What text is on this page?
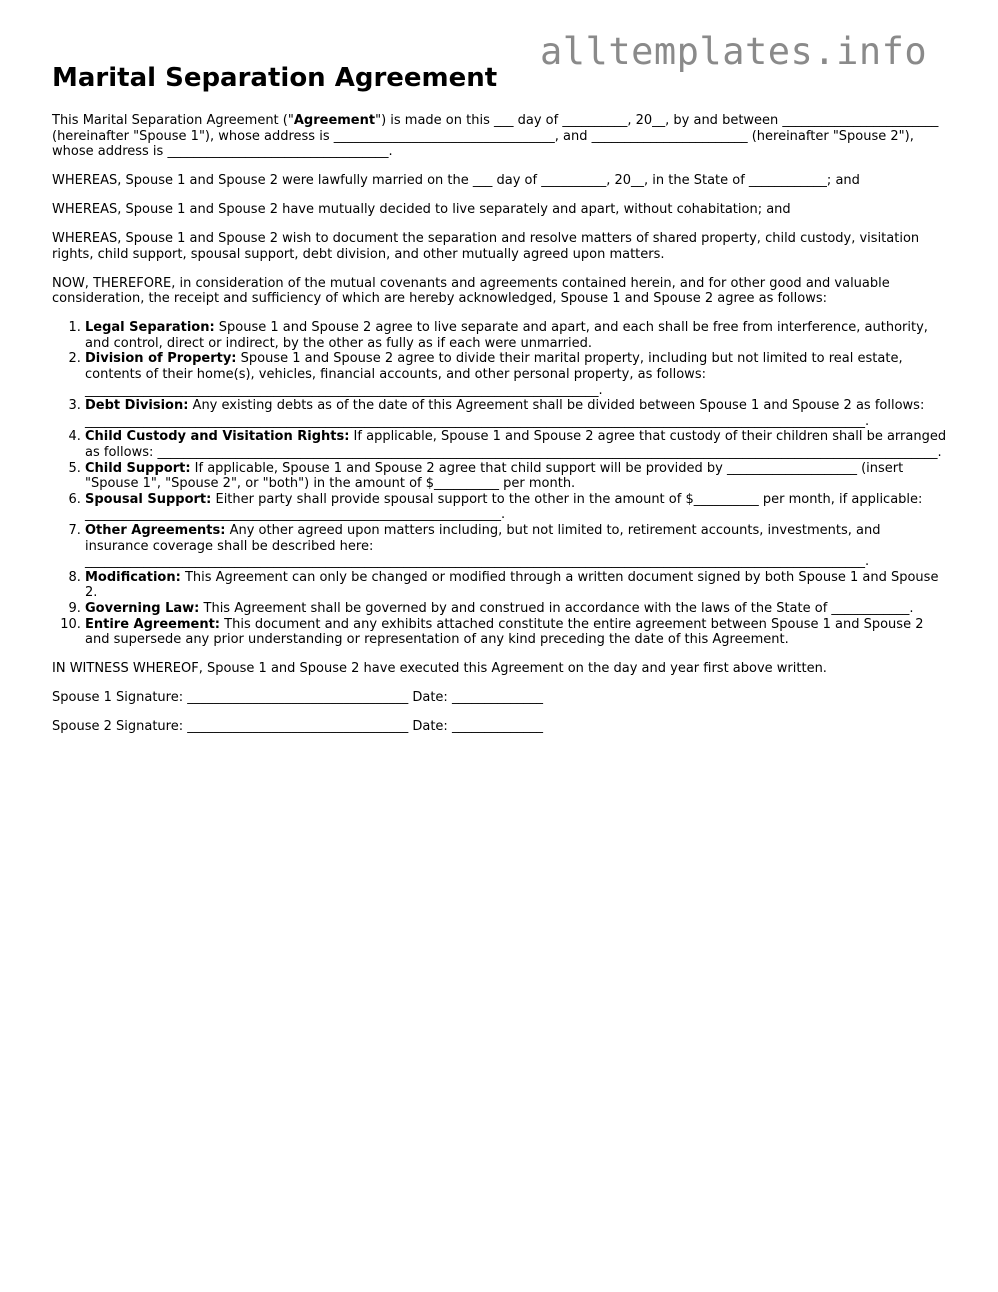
alltemplates.info
Marital Separation Agreement

This Marital Separation Agreement ("Agreement") is made on this ___ day of __________, 20__, by and between ________________________ (hereinafter "Spouse 1"), whose address is __________________________________, and ________________________ (hereinafter "Spouse 2"), whose address is __________________________________.

WHEREAS, Spouse 1 and Spouse 2 were lawfully married on the ___ day of __________, 20__, in the State of ____________; and

WHEREAS, Spouse 1 and Spouse 2 have mutually decided to live separately and apart, without cohabitation; and

WHEREAS, Spouse 1 and Spouse 2 wish to document the separation and resolve matters of shared property, child custody, visitation rights, child support, spousal support, debt division, and other mutually agreed upon matters.

NOW, THEREFORE, in consideration of the mutual covenants and agreements contained herein, and for other good and valuable consideration, the receipt and sufficiency of which are hereby acknowledged, Spouse 1 and Spouse 2 agree as follows:

1. Legal Separation: Spouse 1 and Spouse 2 agree to live separate and apart, and each shall be free from interference, authority, and control, direct or indirect, by the other as fully as if each were unmarried.
2. Division of Property: Spouse 1 and Spouse 2 agree to divide their marital property, including but not limited to real estate, contents of their home(s), vehicles, financial accounts, and other personal property, as follows: _______________________________________________________________________________.
3. Debt Division: Any existing debts as of the date of this Agreement shall be divided between Spouse 1 and Spouse 2 as follows: ________________________________________________________________________________________________________________________.
4. Child Custody and Visitation Rights: If applicable, Spouse 1 and Spouse 2 agree that custody of their children shall be arranged as follows: ________________________________________________________________________________________________________________________.
5. Child Support: If applicable, Spouse 1 and Spouse 2 agree that child support will be provided by ____________________ (insert "Spouse 1", "Spouse 2", or "both") in the amount of $__________ per month.
6. Spousal Support: Either party shall provide spousal support to the other in the amount of $__________ per month, if applicable: ________________________________________________________________.
7. Other Agreements: Any other agreed upon matters including, but not limited to, retirement accounts, investments, and insurance coverage shall be described here: ________________________________________________________________________________________________________________________.
8. Modification: This Agreement can only be changed or modified through a written document signed by both Spouse 1 and Spouse 2.
9. Governing Law: This Agreement shall be governed by and construed in accordance with the laws of the State of ____________.
10. Entire Agreement: This document and any exhibits attached constitute the entire agreement between Spouse 1 and Spouse 2 and supersede any prior understanding or representation of any kind preceding the date of this Agreement.

IN WITNESS WHEREOF, Spouse 1 and Spouse 2 have executed this Agreement on the day and year first above written.

Spouse 1 Signature: __________________________________ Date: ______________

Spouse 2 Signature: __________________________________ Date: ______________
